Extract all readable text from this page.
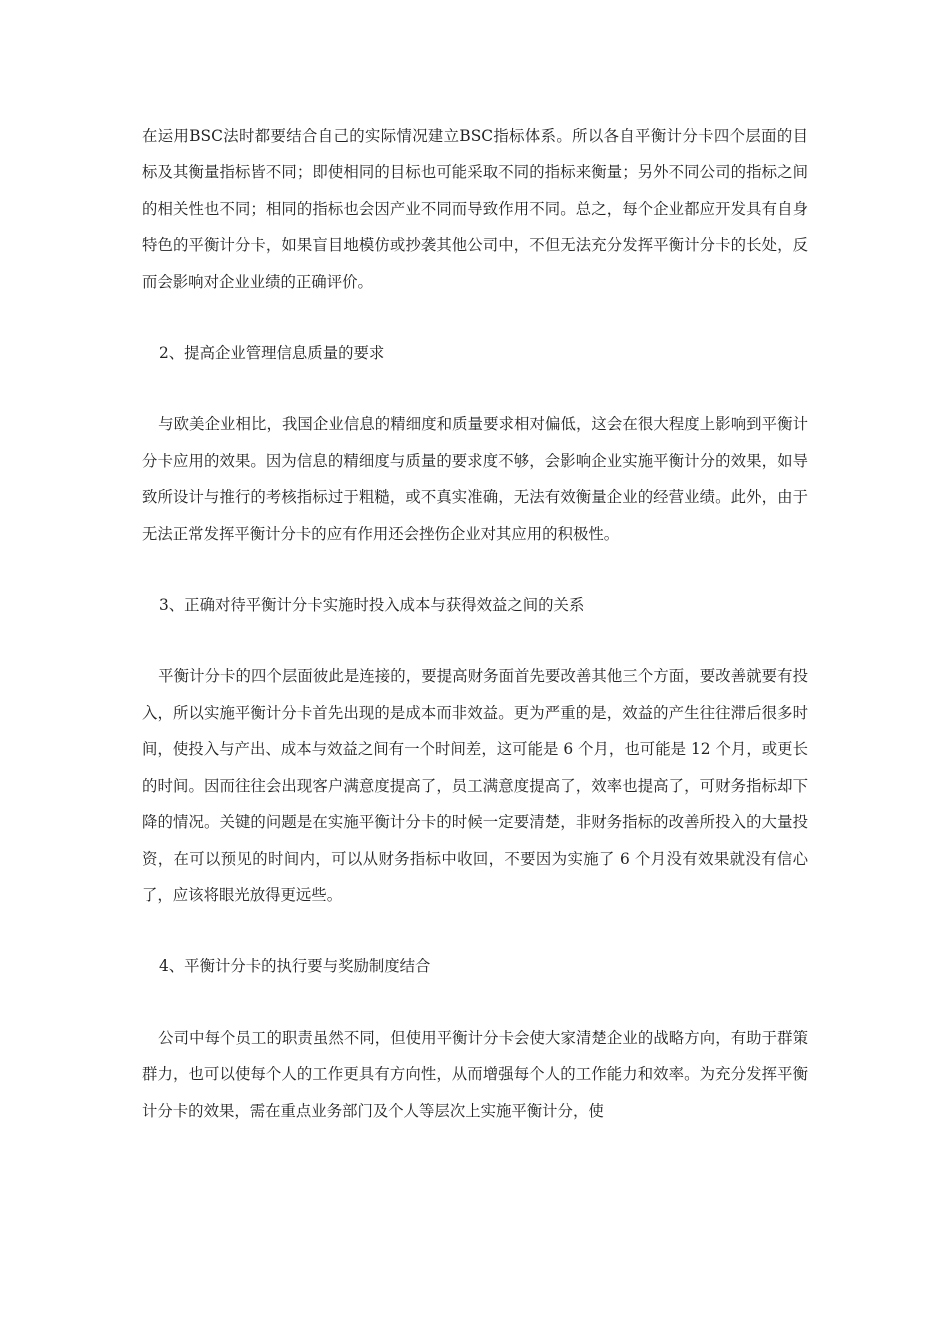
在运用BSC法时都要结合自己的实际情况建立BSC指标体系。所以各自平衡计分卡四个层面的目标及其衡量指标皆不同；即使相同的目标也可能采取不同的指标来衡量；另外不同公司的指标之间的相关性也不同；相同的指标也会因产业不同而导致作用不同。总之，每个企业都应开发具有自身特色的平衡计分卡，如果盲目地模仿或抄袭其他公司中，不但无法充分发挥平衡计分卡的长处，反而会影响对企业业绩的正确评价。

2、提高企业管理信息质量的要求

与欧美企业相比，我国企业信息的精细度和质量要求相对偏低，这会在很大程度上影响到平衡计分卡应用的效果。因为信息的精细度与质量的要求度不够，会影响企业实施平衡计分的效果，如导致所设计与推行的考核指标过于粗糙，或不真实准确，无法有效衡量企业的经营业绩。此外，由于无法正常发挥平衡计分卡的应有作用还会挫伤企业对其应用的积极性。

3、正确对待平衡计分卡实施时投入成本与获得效益之间的关系

平衡计分卡的四个层面彼此是连接的，要提高财务面首先要改善其他三个方面，要改善就要有投入，所以实施平衡计分卡首先出现的是成本而非效益。更为严重的是，效益的产生往往滞后很多时间，使投入与产出、成本与效益之间有一个时间差，这可能是 6 个月，也可能是 12 个月，或更长的时间。因而往往会出现客户满意度提高了，员工满意度提高了，效率也提高了，可财务指标却下降的情况。关键的问题是在实施平衡计分卡的时候一定要清楚，非财务指标的改善所投入的大量投资，在可以预见的时间内，可以从财务指标中收回，不要因为实施了 6 个月没有效果就没有信心了，应该将眼光放得更远些。

4、平衡计分卡的执行要与奖励制度结合

公司中每个员工的职责虽然不同，但使用平衡计分卡会使大家清楚企业的战略方向，有助于群策群力，也可以使每个人的工作更具有方向性，从而增强每个人的工作能力和效率。为充分发挥平衡计分卡的效果，需在重点业务部门及个人等层次上实施平衡计分，使
